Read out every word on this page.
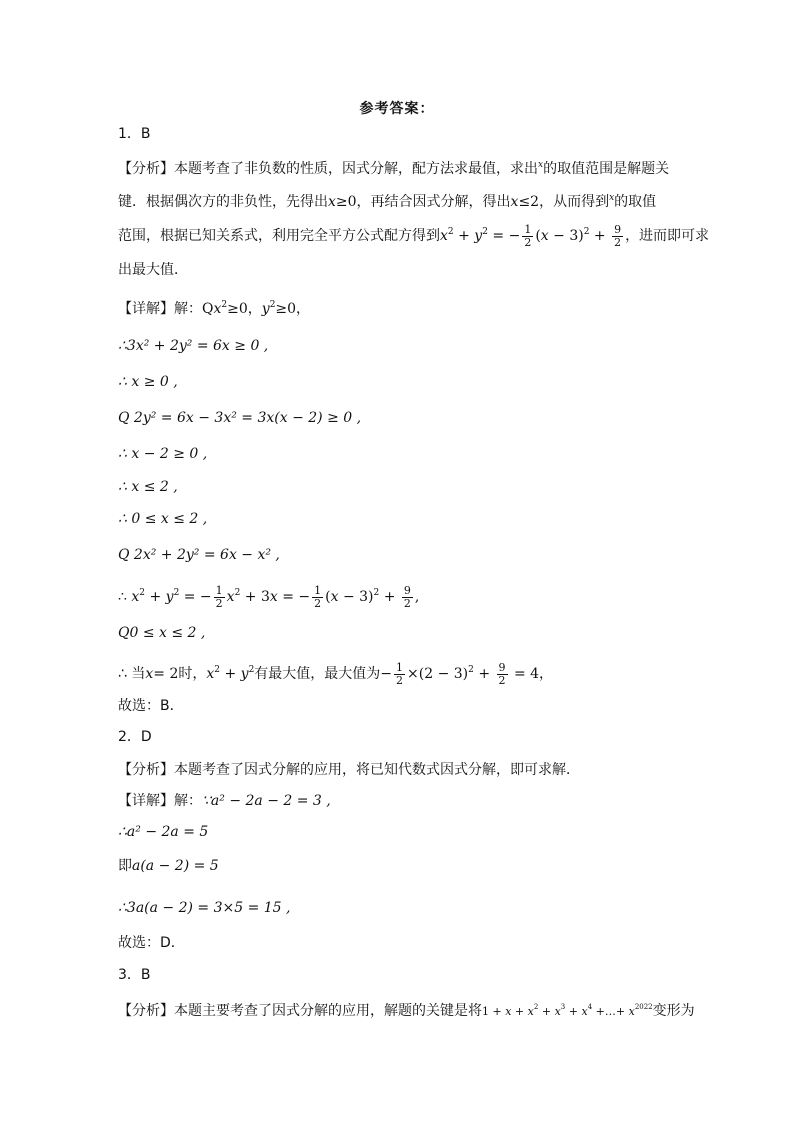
参考答案：
1．B
【分析】本题考查了非负数的性质，因式分解，配方法求最值，求出$^x$的取值范围是解题关
键．根据偶次方的非负性，先得出x≥0，再结合因式分解，得出x≤2，从而得到$^x$的取值
范围，根据已知关系式，利用完全平方公式配方得到$x^2 + y^2$ = − $\frac{1}{2} (x - 3)^2 + \frac{9}{2}$ ，进而即可求
出最大值．
【详解】解：$Qx^2\ge 0$，$y^2\ge 0$，
∴3x² + 2y² = 6x ≥ 0 ,
∴ x ≥ 0 ,
Q 2y² = 6x − 3x² = 3x(x − 2) ≥ 0 ,
∴ x − 2 ≥ 0 ,
∴ x ≤ 2 ,
∴ 0 ≤ x ≤ 2 ,
Q 2x² + 2y² = 6x − x² ,
∴ $x^2 + y^2$ = − $\frac{1}{2} x^2 + 3x$ = − $\frac{1}{2} (x - 3)^2 + \frac{9}{2}$ ,
Q0 ≤ x ≤ 2 ,
∴ 当x= 2时，$x^2 + y^2$有最大值，最大值为− $\frac{1}{2} \times(2 - 3)^2 + \frac{9}{2} = 4$，
故选：B．
2．D
【分析】本题考查了因式分解的应用，将已知代数式因式分解，即可求解．
【详解】解：∵a² − 2a − 2 = 3 ,
∴a² − 2a = 5
即a(a − 2) = 5
∴3a(a − 2) = 3×5 = 15 ,
故选：D．
3．B
【分析】本题主要考查了因式分解的应用，解题的关键是将$1 + x + x^2 + x^3 + x^4$ +…+ $x^{2022}$变形为
